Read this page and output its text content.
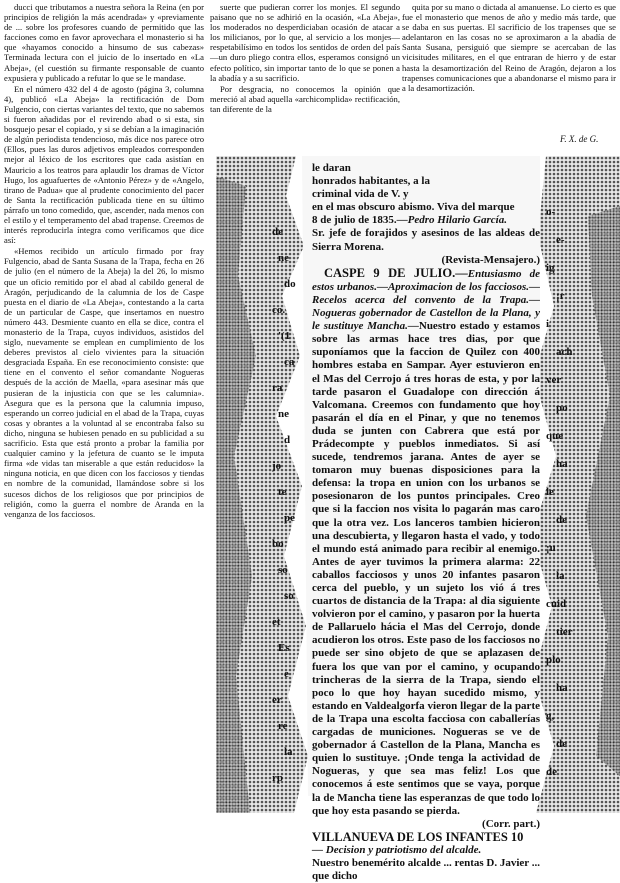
ducci que tributamos a nuestra señora la Reina (en por principios de religión la más acendrada» y «previamente de ... sobre los profesores cuando de permitido que las facciones como en favor aprovechara el monasterio si ha que «hayamos conocido a hinsumo de sus cabezas» Terminada lectura con el juicio de lo insertado en «La Abeja», (el cuestión su firmante responsable de cuanto expusiera y publicado a refutar lo que se le mandase.

En el número 432 del 4 de agosto (página 3, columna 4), publicó «La Abeja» la rectificación de Dom Fulgencio, con ciertas variantes del texto, que no sabemos si fueron añadidas por el revirendo abad o si esta, sin bosquejo pesar el copiado, y si se debían a la imaginación de algún periodista tendencioso, más dice nos parece otro (Ellos, pues las duros adjetivos empleados corresponden mejor al léxico de los escritores que cada asistían en Mauricio a los teatros para aplaudir los dramas de Víctor Hugo, los aguafuertes de «Antonio Pérez» y de «Angelo, tirano de Padua» que al prudente conocimiento del pacer de Santa la rectificación publicada tiene en su último párrafo un tono comedido, que, ascender, nada menos con el estilo y el temperamento del abad trapense. Creemos de interés reproducirla íntegra como verificamos que dice así:

«Hemos recibido un artículo firmado por fray Fulgencio, abad de Santa Susana de la Trapa, fecha en 26 de julio (en el número de la Abeja) la del 26, lo mismo que un oficio remitido por el abad al cabildo general de Aragón, perjudicando de la calumnia de los de Caspe puesta en el diario de «La Abeja», contestando a la carta de un particular de Caspe, que insertamos en nuestro número 443. Desmiente cuanto en ella se dice, contra el monasterio de la Trapa, cuyos individuos, asistidos del siglo, nuevamente se emplean en cumplimiento de los deberes previstos al cielo vivientes para la situación desgraciada España. En ese reconocimiento consiste: que tiene en el convento el señor comandante Nogueras después de la acción de Maella, «para asesinar más que pusieran de la injusticia con que se les calumnia». Asegura que es la persona que la calumnia impuso, esperando un correo judicial en el abad de la Trapa, cuyas cosas y obrantes a la voluntad al se encontraba falso su dicho, ninguna se hubiesen penado en su publicidad a su sacrificio. Esta que está pronto a probar la familia por cualquier camino y la jefetura de cuanto se le imputa firma «de vidas tan miserable a que están reducidos» la ninguna noticia, en que dicen con los facciosos y tiendas en nombre de la comunidad, llamándose sobre si los sucesos dichos de los religiosos que por principios de religión, como la guerra el nombre de Aranda en la venganza de los facciosos.

suerte que pudieran correr los monjes. El segundo paisano que no se adhirió en la ocasión, «La Abeja», los moderados no desperdiciaban ocasión de atacar a los milicianos, por lo que, al servicio a los monjes—respetabilísimo en todos los sentidos de orden del país—un duro pliego contra ellos, esperamos consignó un efecto político, sin importar tanto de lo que se ponen a la abadía y a su sacrificio.

Por desgracia, no conocemos la opinión que mereció al abad aquella «archicomplida» rectificación, tan diferente de la

quita por su mano o dictada al amanuense. Lo cierto es que fue el monasterio que menos de año y medio más tarde, que se daba en sus puertas. El sacrificio de los trapenses que se adelantaron en las cosas no se aproximaron a la abadía de Santa Susana, persiguió que siempre se acercaban de las vicisitudes militares, en el que entraran de hierro y de estar hasta la desamortización del Reino de Aragón, dejaron a los trapenses comunicaciones que a abandonarse el mismo para ir a la desamortización.

F. X. de G.

le daran

honrados habitantes, a la

criminal vida de V. y

en el mas obscuro abismo. Viva del marque

8 de julio de 1835.—Pedro Hilario García.

Sr. jefe de forajidos y asesinos de las aldeas de Sierra Morena.

(Revista-Mensajero.)

CASPE 9 DE JULIO.—Entusiasmo de estos urbanos.—Aproximacion de los facciosos.—Recelos acerca del convento de la Trapa.—Nogueras gobernador de Castellon de la Plana, y le sustituye Mancha.—Nuestro estado y estamos sobre las armas hace tres dias, por que suponíamos que la faccion de Quilez con 400 hombres estaba en Sampar. Ayer estuvieron en el Mas del Cerrojo á tres horas de esta, y por la tarde pasaron el Guadalope con dirección á Valcomana. Creemos con fundamento que hoy pasarán el día en el Pinar, y que no tenemos duda se junten con Cabrera que está por Prádecompte y pueblos inmediatos. Si así sucede, tendremos jarana. Antes de ayer se tomaron muy buenas disposiciones para la defensa: la tropa en union con los urbanos se posesionaron de los puntos principales. Creo que si la faccion nos visita lo pagarán mas caro que la otra vez. Los lanceros tambien hicieron una descubierta, y llegaron hasta el vado, y todo el mundo está animado para recibir al enemigo. Antes de ayer tuvimos la primera alarma: 22 caballos facciosos y unos 20 infantes pasaron cerca del pueblo, y un sujeto los vió á tres cuartos de distancia de la Trapa: al dia siguiente volvieron por el camino, y pasaron por la huerta de Pallaruelo hácia el Mas del Cerrojo, donde acudieron los otros. Este paso de los facciosos no puede ser sino objeto de que se aplazasen de fuera los que van por el camino, y ocupando trincheras de la sierra de la Trapa, siendo el poco lo que hoy hayan sucedido mismo, y estando en Valdealgorfa vieron llegar de la parte de la Trapa una escolta facciosa con caballerías cargadas de municiones. Nogueras se ve de gobernador á Castellon de la Plana, Mancha es quien lo sustituye. ¡Onde tenga la actividad de Nogueras, y que sea mas feliz! Los que conocemos á este sentimos que se vaya, porque la de Mancha tiene las esperanzas de que todo lo que hoy esta pasando se pierda.

(Corr. part.)

VILLANUEVA DE LOS INFANTES 10

— Decision y patriotismo del alcalde.

Nuestro benemérito alcalde ... rentas D. Javier ... que dicho

de
ne
do
co.
'(1
ca
ra
ne
d
jo
te
pe
bo
so
so
et
Es
e
er
re
la
rp
o-
e-
ig
¡r
i
ach
ver
po
que
ha
le
de
¡u
la
cuid
tier
plo
ha
g,
de
de
